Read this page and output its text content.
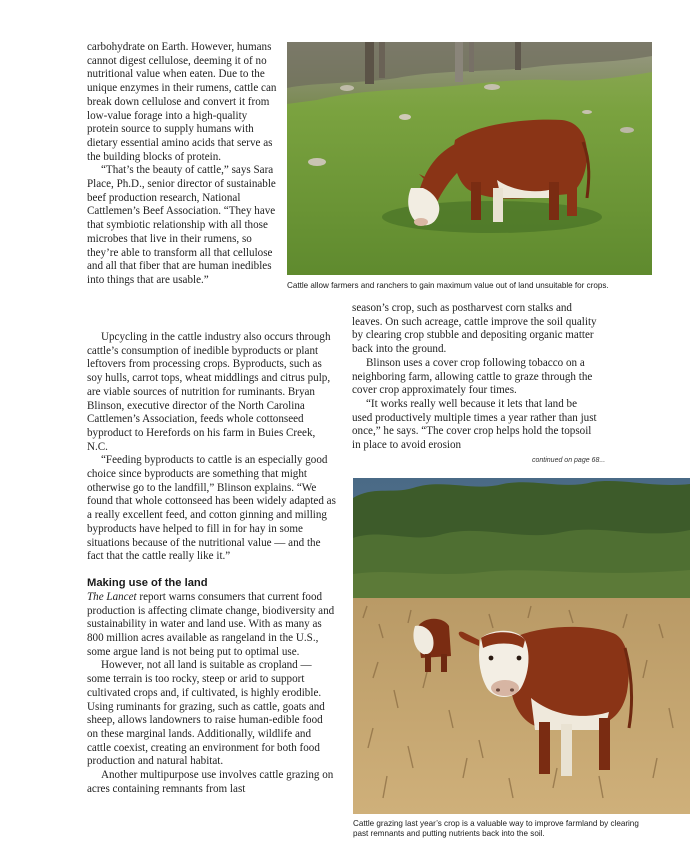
Cattle allow farmers and ranchers to gain maximum value out of land unsuitable for crops.

carbohydrate on Earth. However, humans cannot digest cellulose, deeming it of no nutritional value when eaten. Due to the unique enzymes in their rumens, cattle can break down cellulose and convert it from low-value forage into a high-quality protein source to supply humans with dietary essential amino acids that serve as the building blocks of protein.

“That’s the beauty of cattle,” says Sara Place, Ph.D., senior director of sustainable beef production research, National Cattlemen’s Beef Association. “They have that symbiotic relationship with all those microbes that live in their rumens, so they’re able to transform all that cellulose and all that fiber that are human inedibles into things that are usable.”

Upcycling in the cattle industry also occurs through cattle’s consumption of inedible byproducts or plant leftovers from processing crops. Byproducts, such as soy hulls, carrot tops, wheat middlings and citrus pulp, are viable sources of nutrition for ruminants. Bryan Blinson, executive director of the North Carolina Cattlemen’s Association, feeds whole cottonseed byproduct to Herefords on his farm in Buies Creek, N.C.

“Feeding byproducts to cattle is an especially good choice since byproducts are something that might otherwise go to the landfill,” Blinson explains. “We found that whole cottonseed has been widely adapted as a really excellent feed, and cotton ginning and milling byproducts have helped to fill in for hay in some situations because of the nutritional value — and the fact that the cattle really like it.”

Making use of the land

The Lancet report warns consumers that current food production is affecting climate change, biodiversity and sustainability in water and land use. With as many as 800 million acres available as rangeland in the U.S., some argue land is not being put to optimal use.

However, not all land is suitable as cropland — some terrain is too rocky, steep or arid to support cultivated crops and, if cultivated, is highly erodible. Using ruminants for grazing, such as cattle, goats and sheep, allows landowners to raise human-edible food on these marginal lands. Additionally, wildlife and cattle coexist, creating an environment for both food production and natural habitat.

Another multipurpose use involves cattle grazing on acres containing remnants from last

season’s crop, such as postharvest corn stalks and leaves. On such acreage, cattle improve the soil quality by clearing crop stubble and depositing organic matter back into the ground.

Blinson uses a cover crop following tobacco on a neighboring farm, allowing cattle to graze through the cover crop approximately four times.

“It works really well because it lets that land be used productively multiple times a year rather than just once,” he says. “The cover crop helps hold the topsoil in place to avoid erosion

continued on page 68...
Cattle grazing last year’s crop is a valuable way to improve farmland by clearing past remnants and putting nutrients back into the soil.
